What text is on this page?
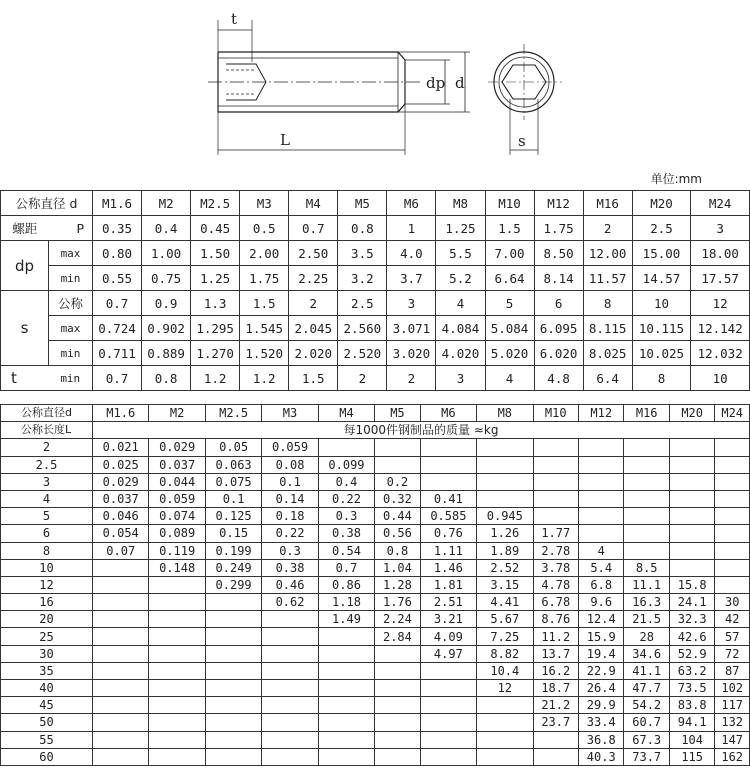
t
L
dp d
s
单位:mm
公称直径 d		M1.6	M2	M2.5	M3	M4	M5	M6	M8	M10	M12	M16	M20	M24
螺距	P	0.35	0.4	0.45	0.5	0.7	0.8	1	1.25	1.5	1.75	2	2.5	3
dp	max	0.80	1.00	1.50	2.00	2.50	3.5	4.0	5.5	7.00	8.50	12.00	15.00	18.00
	min	0.55	0.75	1.25	1.75	2.25	3.2	3.7	5.2	6.64	8.14	11.57	14.57	17.57
s	公称	0.7	0.9	1.3	1.5	2	2.5	3	4	5	6	8	10	12
	max	0.724	0.902	1.295	1.545	2.045	2.560	3.071	4.084	5.084	6.095	8.115	10.115	12.142
	min	0.711	0.889	1.270	1.520	2.020	2.520	3.020	4.020	5.020	6.020	8.025	10.025	12.032
t	min	0.7	0.8	1.2	1.2	1.5	2	2	3	4	4.8	6.4	8	10
公称直径d	M1.6	M2	M2.5	M3	M4	M5	M6	M8	M10	M12	M16	M20	M24
公称长度L	每1000件钢制品的质量 ≈kg												
2	0.021	0.029	0.05	0.059									
2.5	0.025	0.037	0.063	0.08	0.099								
3	0.029	0.044	0.075	0.1	0.4	0.2							
4	0.037	0.059	0.1	0.14	0.22	0.32	0.41						
5	0.046	0.074	0.125	0.18	0.3	0.44	0.585	0.945					
6	0.054	0.089	0.15	0.22	0.38	0.56	0.76	1.26	1.77				
8	0.07	0.119	0.199	0.3	0.54	0.8	1.11	1.89	2.78	4			
10		0.148	0.249	0.38	0.7	1.04	1.46	2.52	3.78	5.4	8.5		
12			0.299	0.46	0.86	1.28	1.81	3.15	4.78	6.8	11.1	15.8	
16				0.62	1.18	1.76	2.51	4.41	6.78	9.6	16.3	24.1	30
20					1.49	2.24	3.21	5.67	8.76	12.4	21.5	32.3	42
25						2.84	4.09	7.25	11.2	15.9	28	42.6	57
30							4.97	8.82	13.7	19.4	34.6	52.9	72
35								10.4	16.2	22.9	41.1	63.2	87
40								12	18.7	26.4	47.7	73.5	102
45									21.2	29.9	54.2	83.8	117
50									23.7	33.4	60.7	94.1	132
55										36.8	67.3	104	147
60										40.3	73.7	115	162
